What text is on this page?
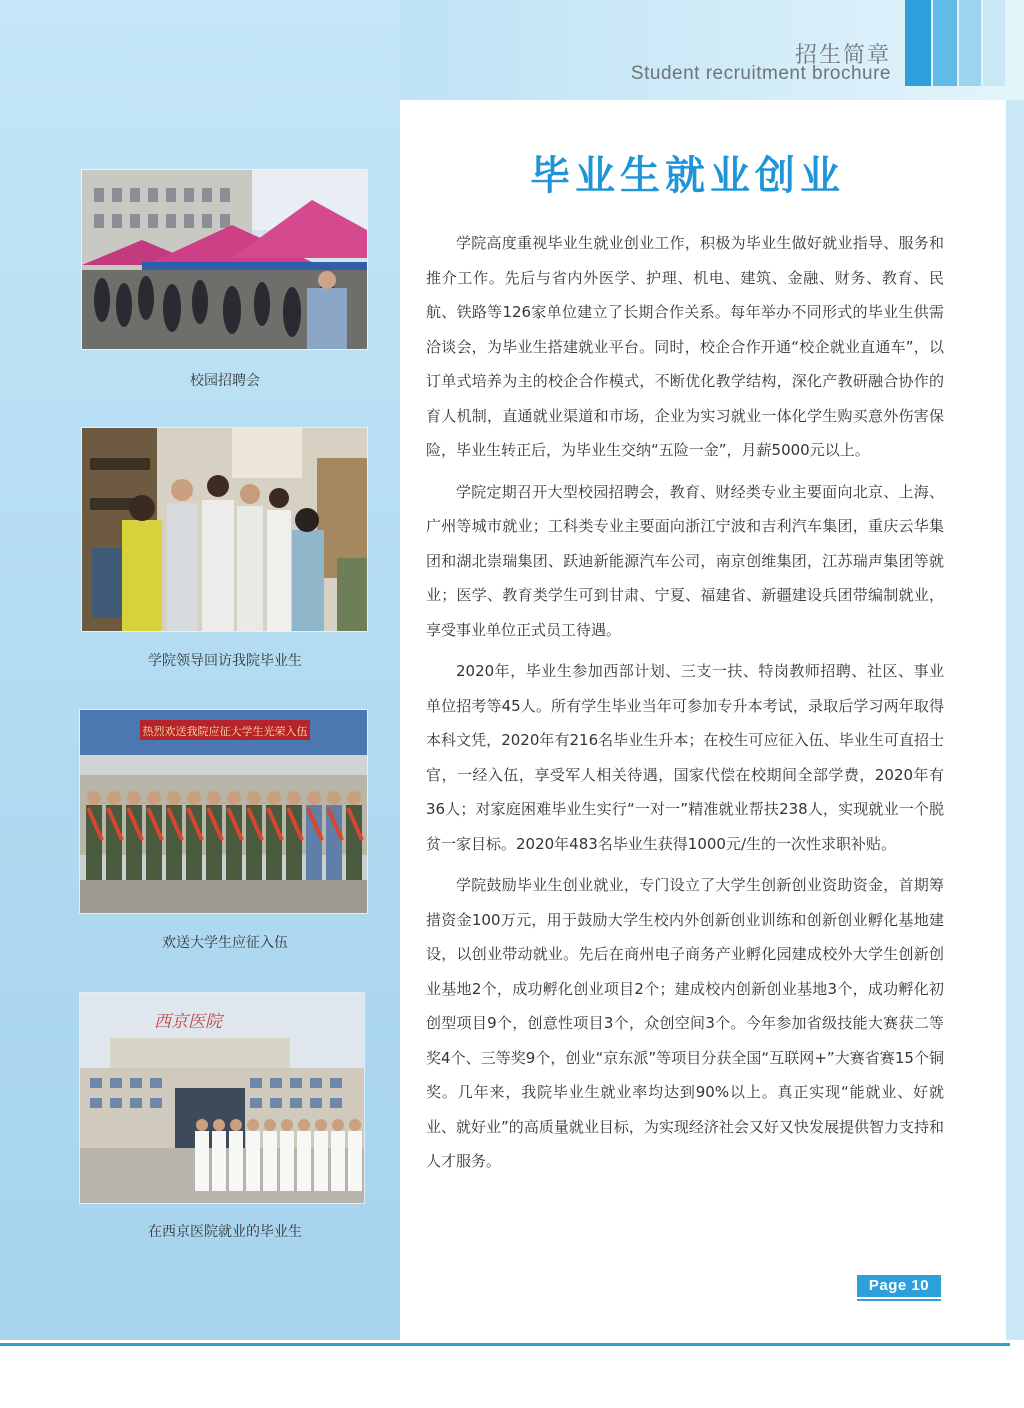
招生简章

Student recruitment brochure

毕业生就业创业

学院高度重视毕业生就业创业工作，积极为毕业生做好就业指导、服务和推介工作。先后与省内外医学、护理、机电、建筑、金融、财务、教育、民航、铁路等126家单位建立了长期合作关系。每年举办不同形式的毕业生供需洽谈会，为毕业生搭建就业平台。同时，校企合作开通“校企就业直通车”，以订单式培养为主的校企合作模式，不断优化教学结构，深化产教研融合协作的育人机制，直通就业渠道和市场，企业为实习就业一体化学生购买意外伤害保险，毕业生转正后，为毕业生交纳“五险一金”，月薪5000元以上。

学院定期召开大型校园招聘会，教育、财经类专业主要面向北京、上海、广州等城市就业；工科类专业主要面向浙江宁波和吉利汽车集团，重庆云华集团和湖北崇瑞集团、跃迪新能源汽车公司，南京创维集团，江苏瑞声集团等就业；医学、教育类学生可到甘肃、宁夏、福建省、新疆建设兵团带编制就业，享受事业单位正式员工待遇。

2020年，毕业生参加西部计划、三支一扶、特岗教师招聘、社区、事业单位招考等45人。所有学生毕业当年可参加专升本考试，录取后学习两年取得本科文凭，2020年有216名毕业生升本；在校生可应征入伍、毕业生可直招士官，一经入伍，享受军人相关待遇，国家代偿在校期间全部学费，2020年有36人；对家庭困难毕业生实行“一对一”精准就业帮扶238人，实现就业一个脱贫一家目标。2020年483名毕业生获得1000元/生的一次性求职补贴。

学院鼓励毕业生创业就业，专门设立了大学生创新创业资助资金，首期筹措资金100万元，用于鼓励大学生校内外创新创业训练和创新创业孵化基地建设，以创业带动就业。先后在商州电子商务产业孵化园建成校外大学生创新创业基地2个，成功孵化创业项目2个；建成校内创新创业基地3个，成功孵化初创型项目9个，创意性项目3个，众创空间3个。今年参加省级技能大赛获二等奖4个、三等奖9个，创业“京东派”等项目分获全国“互联网+”大赛省赛15个铜奖。几年来，我院毕业生就业率均达到90%以上。真正实现“能就业、好就业、就好业”的高质量就业目标，为实现经济社会又好又快发展提供智力支持和人才服务。

校园招聘会

学院领导回访我院毕业生

热烈欢送我院应征大学生光荣入伍

欢送大学生应征入伍

西京医院

在西京医院就业的毕业生

Page 10
